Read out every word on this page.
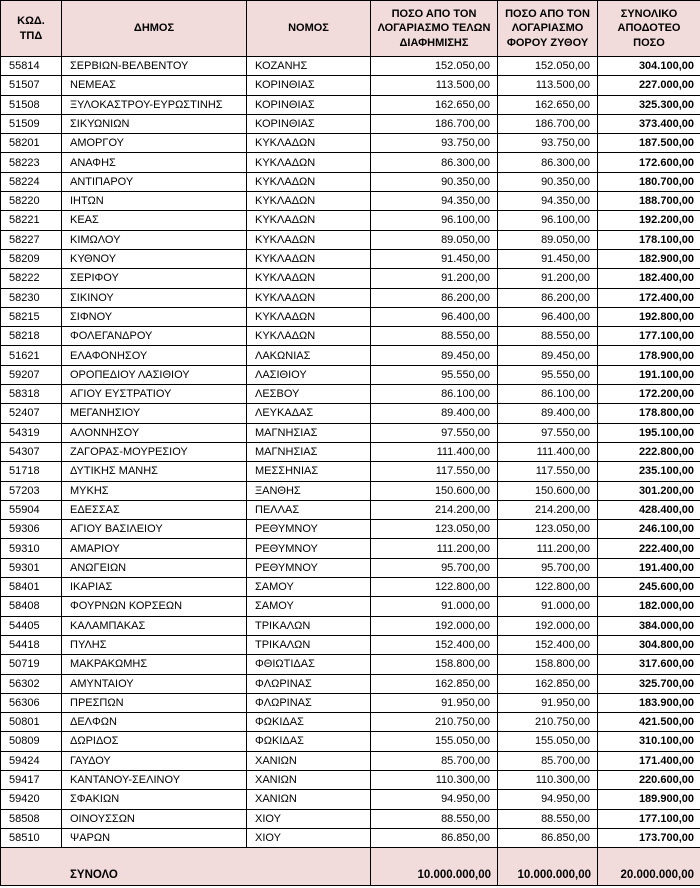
ΚΩΔ. ΤΠΔ	ΔΗΜΟΣ	ΝΟΜΟΣ	ΠΟΣΟ ΑΠΟ ΤΟΝ ΛΟΓΑΡΙΑΣΜΟ ΤΕΛΩΝ ΔΙΑΦΗΜΙΣΗΣ	ΠΟΣΟ ΑΠΟ ΤΟΝ ΛΟΓΑΡΙΑΣΜΟ ΦΟΡΟΥ ΖΥΘΟΥ	ΣΥΝΟΛΙΚΟ ΑΠΟΔΟΤΕΟ ΠΟΣΟ
55814	ΣΕΡΒΙΩΝ-ΒΕΛΒΕΝΤΟΥ	ΚΟΖΑΝΗΣ	152.050,00	152.050,00	304.100,00
51507	ΝΕΜΕΑΣ	ΚΟΡΙΝΘΙΑΣ	113.500,00	113.500,00	227.000,00
51508	ΞΥΛΟΚΑΣΤΡΟΥ-ΕΥΡΩΣΤΙΝΗΣ	ΚΟΡΙΝΘΙΑΣ	162.650,00	162.650,00	325.300,00
51509	ΣΙΚΥΩΝΙΩΝ	ΚΟΡΙΝΘΙΑΣ	186.700,00	186.700,00	373.400,00
58201	ΑΜΟΡΓΟΥ	ΚΥΚΛΑΔΩΝ	93.750,00	93.750,00	187.500,00
58223	ΑΝΑΦΗΣ	ΚΥΚΛΑΔΩΝ	86.300,00	86.300,00	172.600,00
58224	ΑΝΤΙΠΑΡΟΥ	ΚΥΚΛΑΔΩΝ	90.350,00	90.350,00	180.700,00
58220	ΙΗΤΩΝ	ΚΥΚΛΑΔΩΝ	94.350,00	94.350,00	188.700,00
58221	ΚΕΑΣ	ΚΥΚΛΑΔΩΝ	96.100,00	96.100,00	192.200,00
58227	ΚΙΜΩΛΟΥ	ΚΥΚΛΑΔΩΝ	89.050,00	89.050,00	178.100,00
58209	ΚΥΘΝΟΥ	ΚΥΚΛΑΔΩΝ	91.450,00	91.450,00	182.900,00
58222	ΣΕΡΙΦΟΥ	ΚΥΚΛΑΔΩΝ	91.200,00	91.200,00	182.400,00
58230	ΣΙΚΙΝΟΥ	ΚΥΚΛΑΔΩΝ	86.200,00	86.200,00	172.400,00
58215	ΣΙΦΝΟΥ	ΚΥΚΛΑΔΩΝ	96.400,00	96.400,00	192.800,00
58218	ΦΟΛΕΓΑΝΔΡΟΥ	ΚΥΚΛΑΔΩΝ	88.550,00	88.550,00	177.100,00
51621	ΕΛΑΦΟΝΗΣΟΥ	ΛΑΚΩΝΙΑΣ	89.450,00	89.450,00	178.900,00
59207	ΟΡΟΠΕΔΙΟΥ ΛΑΣΙΘΙΟΥ	ΛΑΣΙΘΙΟΥ	95.550,00	95.550,00	191.100,00
58318	ΑΓΙΟΥ ΕΥΣΤΡΑΤΙΟΥ	ΛΕΣΒΟΥ	86.100,00	86.100,00	172.200,00
52407	ΜΕΓΑΝΗΣΙΟΥ	ΛΕΥΚΑΔΑΣ	89.400,00	89.400,00	178.800,00
54319	ΑΛΟΝΝΗΣΟΥ	ΜΑΓΝΗΣΙΑΣ	97.550,00	97.550,00	195.100,00
54307	ΖΑΓΟΡΑΣ-ΜΟΥΡΕΣΙΟΥ	ΜΑΓΝΗΣΙΑΣ	111.400,00	111.400,00	222.800,00
51718	ΔΥΤΙΚΗΣ ΜΑΝΗΣ	ΜΕΣΣΗΝΙΑΣ	117.550,00	117.550,00	235.100,00
57203	ΜΥΚΗΣ	ΞΑΝΘΗΣ	150.600,00	150.600,00	301.200,00
55904	ΕΔΕΣΣΑΣ	ΠΕΛΛΑΣ	214.200,00	214.200,00	428.400,00
59306	ΑΓΙΟΥ ΒΑΣΙΛΕΙΟΥ	ΡΕΘΥΜΝΟΥ	123.050,00	123.050,00	246.100,00
59310	ΑΜΑΡΙΟΥ	ΡΕΘΥΜΝΟΥ	111.200,00	111.200,00	222.400,00
59301	ΑΝΩΓΕΙΩΝ	ΡΕΘΥΜΝΟΥ	95.700,00	95.700,00	191.400,00
58401	ΙΚΑΡΙΑΣ	ΣΑΜΟΥ	122.800,00	122.800,00	245.600,00
58408	ΦΟΥΡΝΩΝ ΚΟΡΣΕΩΝ	ΣΑΜΟΥ	91.000,00	91.000,00	182.000,00
54405	ΚΑΛΑΜΠΑΚΑΣ	ΤΡΙΚΑΛΩΝ	192.000,00	192.000,00	384.000,00
54418	ΠΥΛΗΣ	ΤΡΙΚΑΛΩΝ	152.400,00	152.400,00	304.800,00
50719	ΜΑΚΡΑΚΩΜΗΣ	ΦΘΙΩΤΙΔΑΣ	158.800,00	158.800,00	317.600,00
56302	ΑΜΥΝΤΑΙΟΥ	ΦΛΩΡΙΝΑΣ	162.850,00	162.850,00	325.700,00
56306	ΠΡΕΣΠΩΝ	ΦΛΩΡΙΝΑΣ	91.950,00	91.950,00	183.900,00
50801	ΔΕΛΦΩΝ	ΦΩΚΙΔΑΣ	210.750,00	210.750,00	421.500,00
50809	ΔΩΡΙΔΟΣ	ΦΩΚΙΔΑΣ	155.050,00	155.050,00	310.100,00
59424	ΓΑΥΔΟΥ	ΧΑΝΙΩΝ	85.700,00	85.700,00	171.400,00
59417	ΚΑΝΤΑΝΟΥ-ΣΕΛΙΝΟΥ	ΧΑΝΙΩΝ	110.300,00	110.300,00	220.600,00
59420	ΣΦΑΚΙΩΝ	ΧΑΝΙΩΝ	94.950,00	94.950,00	189.900,00
58508	ΟΙΝΟΥΣΣΩΝ	ΧΙΟΥ	88.550,00	88.550,00	177.100,00
58510	ΨΑΡΩΝ	ΧΙΟΥ	86.850,00	86.850,00	173.700,00
ΣΥΝΟΛΟ			10.000.000,00	10.000.000,00	20.000.000,00
